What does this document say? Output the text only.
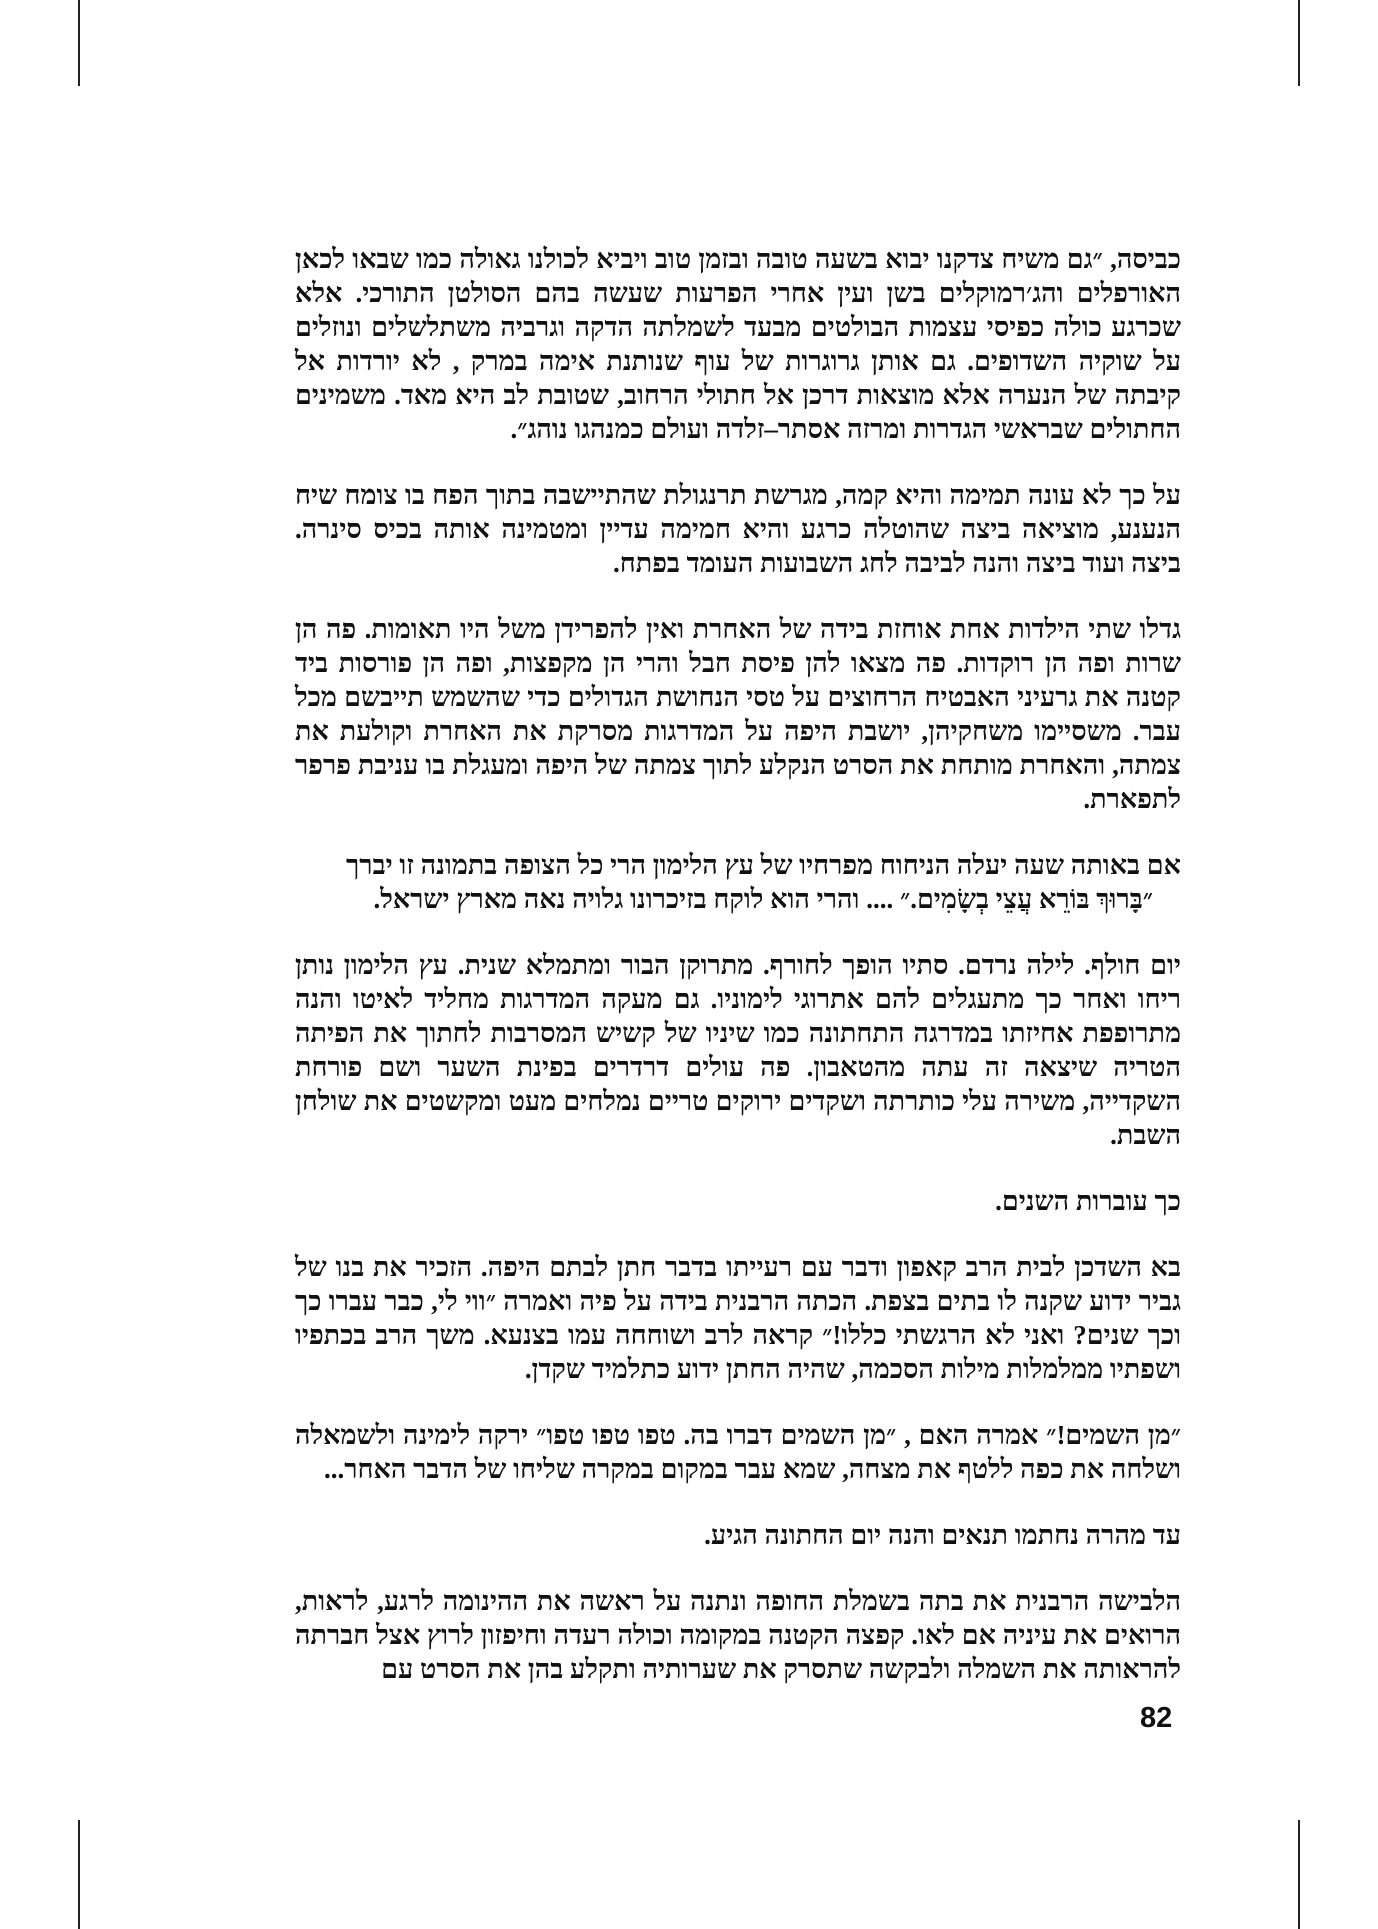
כביסה, ״גם משיח צדקנו יבוא בשעה טובה ובזמן טוב ויביא לכולנו גאולה כמו שבאו לכאן האורפלים והג׳רמוקלים בשן ועין אחרי הפרעות שעשה בהם הסולטן התורכי. אלא שכרגע כולה כפיסי עצמות הבולטים מבעד לשמלתה הדקה וגרביה משתלשלים ונוזלים על שוקיה השדופים. גם אותן גרוגרות של עוף שנותנת אימה במרק , לא יורדות אל קיבתה של הנערה אלא מוצאות דרכן אל חתולי הרחוב, שטובת לב היא מאד. משמינים החתולים שבראשי הגדרות ומרזה אסתר–זלדה ועולם כמנהגו נוהג״.

על כך לא עונה תמימה והיא קמה, מגרשת תרנגולת שהתיישבה בתוך הפח בו צומח שיח הנענע, מוציאה ביצה שהוטלה כרגע והיא חמימה עדיין ומטמינה אותה בכיס סינרה. ביצה ועוד ביצה והנה לביבה לחג השבועות העומד בפתח.

גדלו שתי הילדות אחת אוחזת בידה של האחרת ואין להפרידן משל היו תאומות. פה הן שרות ופה הן רוקדות. פה מצאו להן פיסת חבל והרי הן מקפצות, ופה הן פורסות ביד קטנה את גרעיני האבטיח הרחוצים על טסי הנחושת הגדולים כדי שהשמש תייבשם מכל עבר. משסיימו משחקיהן, יושבת היפה על המדרגות מסרקת את האחרת וקולעת את צמתה, והאחרת מותחת את הסרט הנקלע לתוך צמתה של היפה ומעגלת בו עניבת פרפר לתפארת.

אם באותה שעה יעלה הניחוח מפרחיו של עץ הלימון הרי כל הצופה בתמונה זו יברך
״בָּרוּךְ בּוֹרֵא עֲצֵי בְשָׂמִים.״ .... והרי הוא לוקח בזיכרונו גלויה נאה מארץ ישראל.

יום חולף. לילה נרדם. סתיו הופך לחורף. מתרוקן הבור ומתמלא שנית. עץ הלימון נותן ריחו ואחר כך מתעגלים להם אתרוגי לימוניו. גם מעקה המדרגות מחליד לאיטו והנה מתרופפת אחיזתו במדרגה התחתונה כמו שיניו של קשיש המסרבות לחתוך את הפיתה הטריה שיצאה זה עתה מהטאבון. פה עולים דרדרים בפינת השער ושם פורחת השקדייה, משירה עלי כותרתה ושקדים ירוקים טריים נמלחים מעט ומקשטים את שולחן השבת.

כך עוברות השנים.

בא השדכן לבית הרב קאפון ודבר עם רעייתו בדבר חתן לבתם היפה. הזכיר את בנו של גביר ידוע שקנה לו בתים בצפת. הכתה הרבנית בידה על פיה ואמרה ״ווי לי, כבר עברו כך וכך שנים? ואני לא הרגשתי כללו!״ קראה לרב ושוחחה עמו בצנעא. משך הרב בכתפיו ושפתיו ממלמלות מילות הסכמה, שהיה החתן ידוע כתלמיד שקדן.

״מן השמים!״ אמרה האם , ״מן השמים דברו בה. טפו טפו טפו״ ירקה לימינה ולשמאלה ושלחה את כפה ללטף את מצחה, שמא עבר במקום במקרה שליחו של הדבר האחר...

עד מהרה נחתמו תנאים והנה יום החתונה הגיע.

הלבישה הרבנית את בתה בשמלת החופה ונתנה על ראשה את ההינומה לרגע, לראות, הרואים את עיניה אם לאו. קפצה הקטנה במקומה וכולה רעדה וחיפזון לרוץ אצל חברתה להראותה את השמלה ולבקשה שתסרק את שערותיה ותקלע בהן את הסרט עם

82
